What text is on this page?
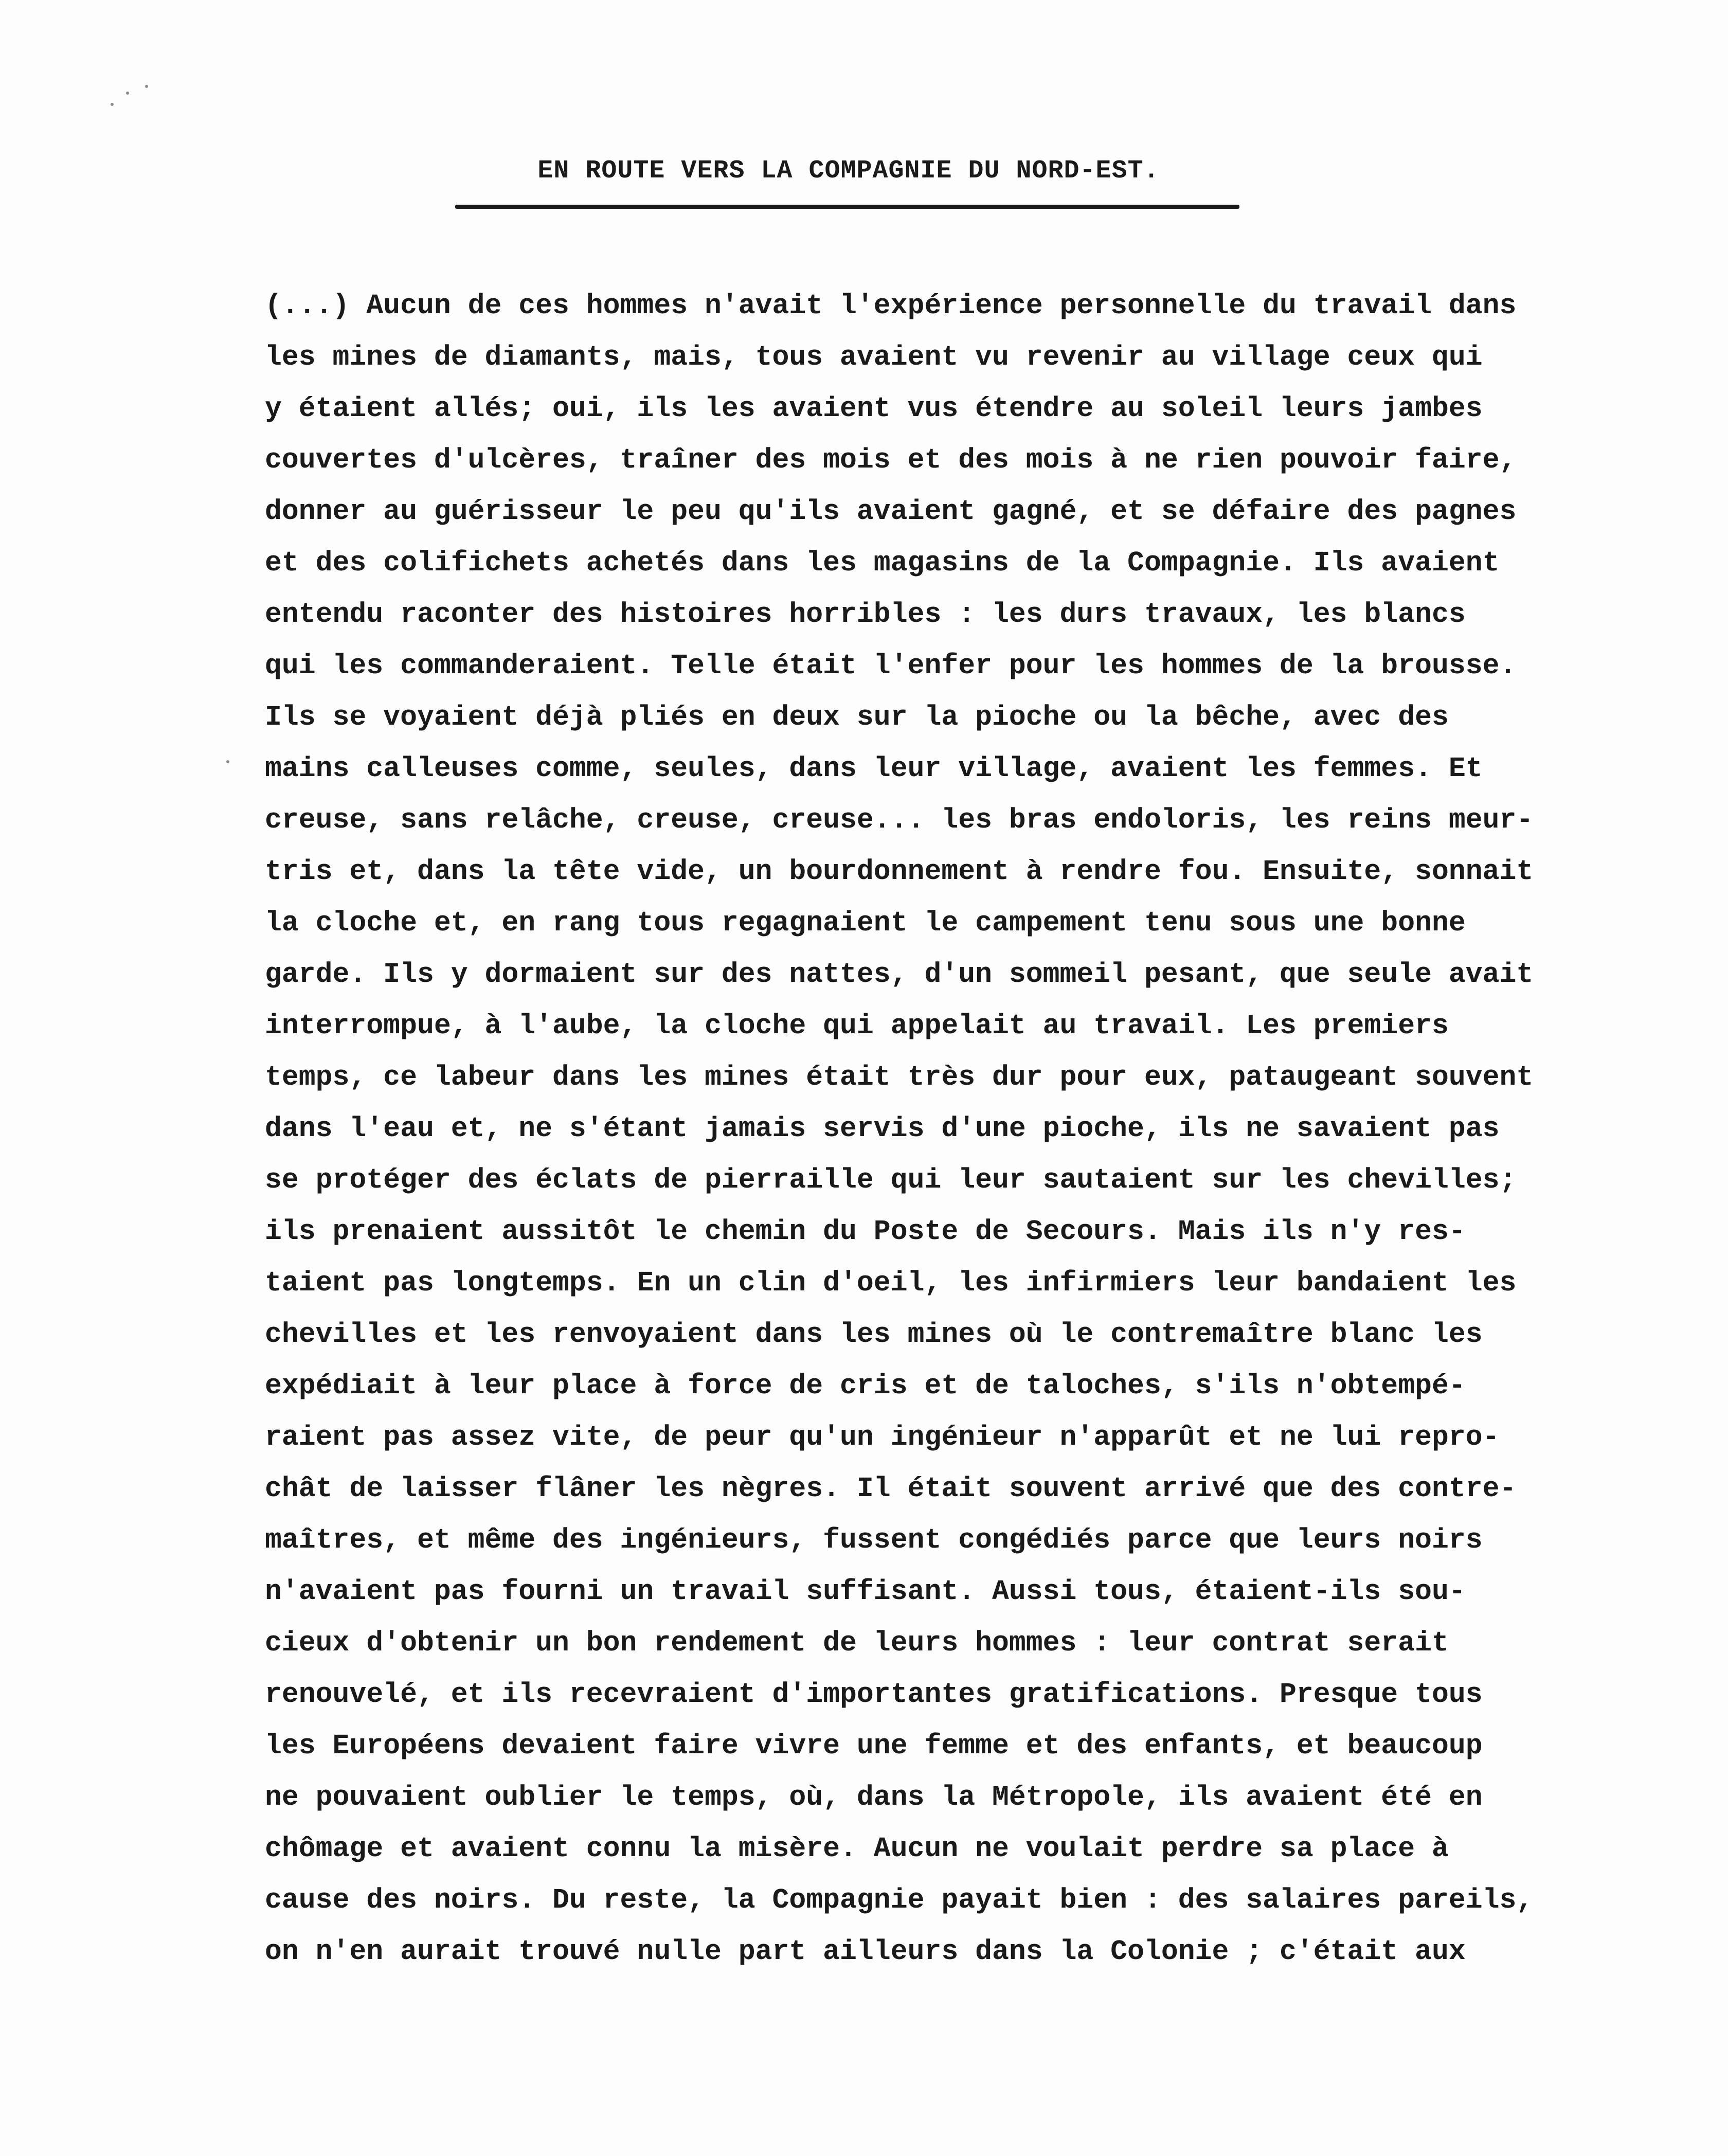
EN ROUTE VERS LA COMPAGNIE DU NORD-EST.
(...) Aucun de ces hommes n'avait l'expérience personnelle du travail dans
les mines de diamants, mais, tous avaient vu revenir au village ceux qui
y étaient allés; oui, ils les avaient vus étendre au soleil leurs jambes
couvertes d'ulcères, traîner des mois et des mois à ne rien pouvoir faire,
donner au guérisseur le peu qu'ils avaient gagné, et se défaire des pagnes
et des colifichets achetés dans les magasins de la Compagnie. Ils avaient
entendu raconter des histoires horribles : les durs travaux, les blancs
qui les commanderaient. Telle était l'enfer pour les hommes de la brousse.
Ils se voyaient déjà pliés en deux sur la pioche ou la bêche, avec des
mains calleuses comme, seules, dans leur village, avaient les femmes. Et
creuse, sans relâche, creuse, creuse... les bras endoloris, les reins meur-
tris et, dans la tête vide, un bourdonnement à rendre fou. Ensuite, sonnait
la cloche et, en rang tous regagnaient le campement tenu sous une bonne
garde. Ils y dormaient sur des nattes, d'un sommeil pesant, que seule avait
interrompue, à l'aube, la cloche qui appelait au travail. Les premiers
temps, ce labeur dans les mines était très dur pour eux, pataugeant souvent
dans l'eau et, ne s'étant jamais servis d'une pioche, ils ne savaient pas
se protéger des éclats de pierraille qui leur sautaient sur les chevilles;
ils prenaient aussitôt le chemin du Poste de Secours. Mais ils n'y res-
taient pas longtemps. En un clin d'oeil, les infirmiers leur bandaient les
chevilles et les renvoyaient dans les mines où le contremaître blanc les
expédiait à leur place à force de cris et de taloches, s'ils n'obtempé-
raient pas assez vite, de peur qu'un ingénieur n'apparût et ne lui repro-
chât de laisser flâner les nègres. Il était souvent arrivé que des contre-
maîtres, et même des ingénieurs, fussent congédiés parce que leurs noirs
n'avaient pas fourni un travail suffisant. Aussi tous, étaient-ils sou-
cieux d'obtenir un bon rendement de leurs hommes : leur contrat serait
renouvelé, et ils recevraient d'importantes gratifications. Presque tous
les Européens devaient faire vivre une femme et des enfants, et beaucoup
ne pouvaient oublier le temps, où, dans la Métropole, ils avaient été en
chômage et avaient connu la misère. Aucun ne voulait perdre sa place à
cause des noirs. Du reste, la Compagnie payait bien : des salaires pareils,
on n'en aurait trouvé nulle part ailleurs dans la Colonie ; c'était aux
